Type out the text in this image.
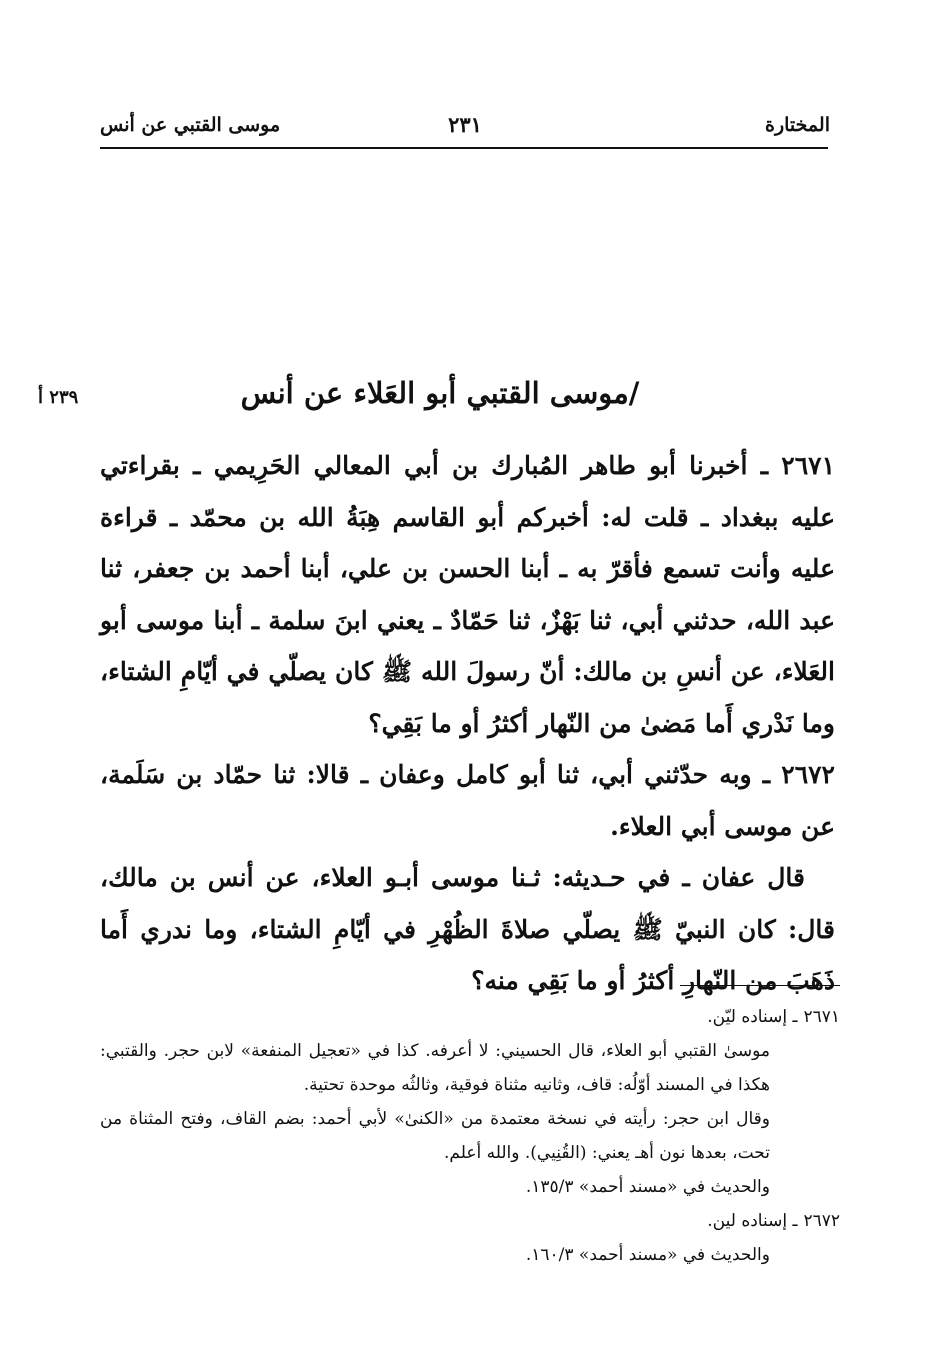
المختارة
٢٣١
موسى القتبي عن أنس
٢٣٩ أ	/موسى القتبي أبو العَلاء عن أنس

٢٦٧١ ـ أخبرنا أبو طاهر المُبارك بن أبي المعالي الحَرِيمي ـ بقراءتي عليه ببغداد ـ قلت له: أخبركم أبو القاسم هِبَةُ الله بن محمّد ـ قراءة عليه وأنت تسمع فأقرّ به ـ أبنا الحسن بن علي، أبنا أحمد بن جعفر، ثنا عبد الله، حدثني أبي، ثنا بَهْزٌ، ثنا حَمّادٌ ـ يعني ابنَ سلمة ـ أبنا موسى أبو العَلاء، عن أنسِ بن مالك: أنّ رسولَ الله ﷺ كان يصلّي في أيّامِ الشتاء، وما نَدْري أَما مَضىٰ من النّهار أكثرُ أو ما بَقِي؟

٢٦٧٢ ـ وبه حدّثني أبي، ثنا أبو كامل وعفان ـ قالا: ثنا حمّاد بن سَلَمة، عن موسى أبي العلاء.

قال عفان ـ في حـديثه: ثـنا موسى أبـو العلاء، عن أنس بن مالك، قال: كان النبيّ ﷺ يصلّي صلاةَ الظُهْرِ في أيّامِ الشتاء، وما ندري أَما ذَهَبَ من النّهارِ أكثرُ أو ما بَقِي منه؟

٢٦٧١
ـ إسناده ليّن.

موسىٰ القتبي أبو العلاء، قال الحسيني: لا أعرفه. كذا في «تعجيل المنفعة» لابن حجر. والقتبي: هكذا في المسند أوّلُه: قاف، وثانيه مثناة فوقية، وثالثُه موحدة تحتية.

وقال ابن حجر: رأيته في نسخة معتمدة من «الكنىٰ» لأبي أحمد: بضم القاف، وفتح المثناة من تحت، بعدها نون أهـ يعني: (القُنِيي). والله أعلم.

والحديث في «مسند أحمد» ١٣٥/٣.

٢٦٧٢
ـ إسناده لين.

والحديث في «مسند أحمد» ١٦٠/٣.
